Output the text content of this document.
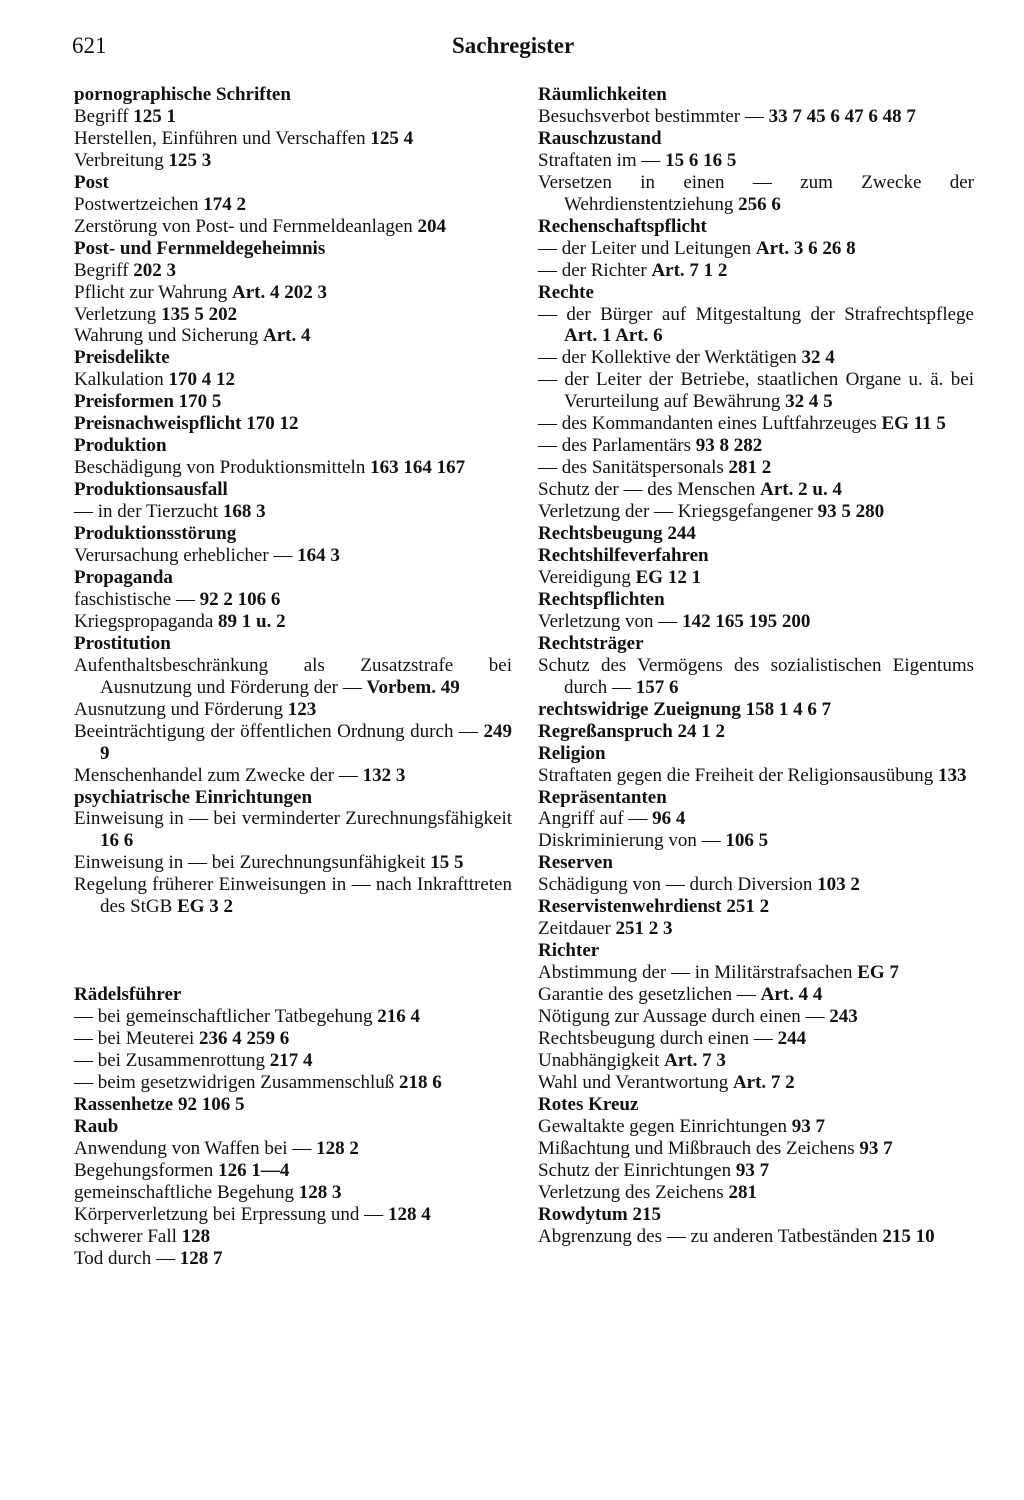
621	Sachregister
pornographische Schriften
Begriff 125 1
Herstellen, Einführen und Verschaffen 125 4
Verbreitung 125 3
Post
Postwertzeichen 174 2
Zerstörung von Post- und Fernmeldeanlagen 204
Post- und Fernmeldegeheimnis
Begriff 202 3
Pflicht zur Wahrung Art. 4 202 3
Verletzung 135 5 202
Wahrung und Sicherung Art. 4
Preisdelikte
Kalkulation 170 4 12
Preisformen 170 5
Preisnachweispflicht 170 12
Produktion
Beschädigung von Produktionsmitteln 163 164 167
Produktionsausfall
— in der Tierzucht 168 3
Produktionsstörung
Verursachung erheblicher — 164 3
Propaganda
faschistische — 92 2 106 6
Kriegspropaganda 89 1 u. 2
Prostitution
Aufenthaltsbeschränkung als Zusatzstrafe bei Ausnutzung und Förderung der — Vorbem. 49
Ausnutzung und Förderung 123
Beeinträchtigung der öffentlichen Ordnung durch — 249 9
Menschenhandel zum Zwecke der — 132 3
psychiatrische Einrichtungen
Einweisung in — bei verminderter Zurechnungsfähigkeit 16 6
Einweisung in — bei Zurechnungsunfähigkeit 15 5
Regelung früherer Einweisungen in — nach Inkrafttreten des StGB EG 3 2
Rädelsführer
— bei gemeinschaftlicher Tatbegehung 216 4
— bei Meuterei 236 4 259 6
— bei Zusammenrottung 217 4
— beim gesetzwidrigen Zusammenschluß 218 6
Rassenhetze 92 106 5
Raub
Anwendung von Waffen bei — 128 2
Begehungsformen 126 1—4
gemeinschaftliche Begehung 128 3
Körperverletzung bei Erpressung und — 128 4
schwerer Fall 128
Tod durch — 128 7
Räumlichkeiten
Besuchsverbot bestimmter — 33 7 45 6 47 6 48 7
Rauschzustand
Straftaten im — 15 6 16 5
Versetzen in einen — zum Zwecke der Wehrdienstentziehung 256 6
Rechenschaftspflicht
— der Leiter und Leitungen Art. 3 6 26 8
— der Richter Art. 7 1 2
Rechte
— der Bürger auf Mitgestaltung der Strafrechtspflege Art. 1 Art. 6
— der Kollektive der Werktätigen 32 4
— der Leiter der Betriebe, staatlichen Organe u. ä. bei Verurteilung auf Bewährung 32 4 5
— des Kommandanten eines Luftfahrzeuges EG 11 5
— des Parlamentärs 93 8 282
— des Sanitätspersonals 281 2
Schutz der — des Menschen Art. 2 u. 4
Verletzung der — Kriegsgefangener 93 5 280
Rechtsbeugung 244
Rechtshilfeverfahren
Vereidigung EG 12 1
Rechtspflichten
Verletzung von — 142 165 195 200
Rechtsträger
Schutz des Vermögens des sozialistischen Eigentums durch — 157 6
rechtswidrige Zueignung 158 1 4 6 7
Regreßanspruch 24 1 2
Religion
Straftaten gegen die Freiheit der Religionsausübung 133
Repräsentanten
Angriff auf — 96 4
Diskriminierung von — 106 5
Reserven
Schädigung von — durch Diversion 103 2
Reservistenwehrdienst 251 2
Zeitdauer 251 2 3
Richter
Abstimmung der — in Militärstrafsachen EG 7
Garantie des gesetzlichen — Art. 4 4
Nötigung zur Aussage durch einen — 243
Rechtsbeugung durch einen — 244
Unabhängigkeit Art. 7 3
Wahl und Verantwortung Art. 7 2
Rotes Kreuz
Gewaltakte gegen Einrichtungen 93 7
Mißachtung und Mißbrauch des Zeichens 93 7
Schutz der Einrichtungen 93 7
Verletzung des Zeichens 281
Rowdytum 215
Abgrenzung des — zu anderen Tatbeständen 215 10
